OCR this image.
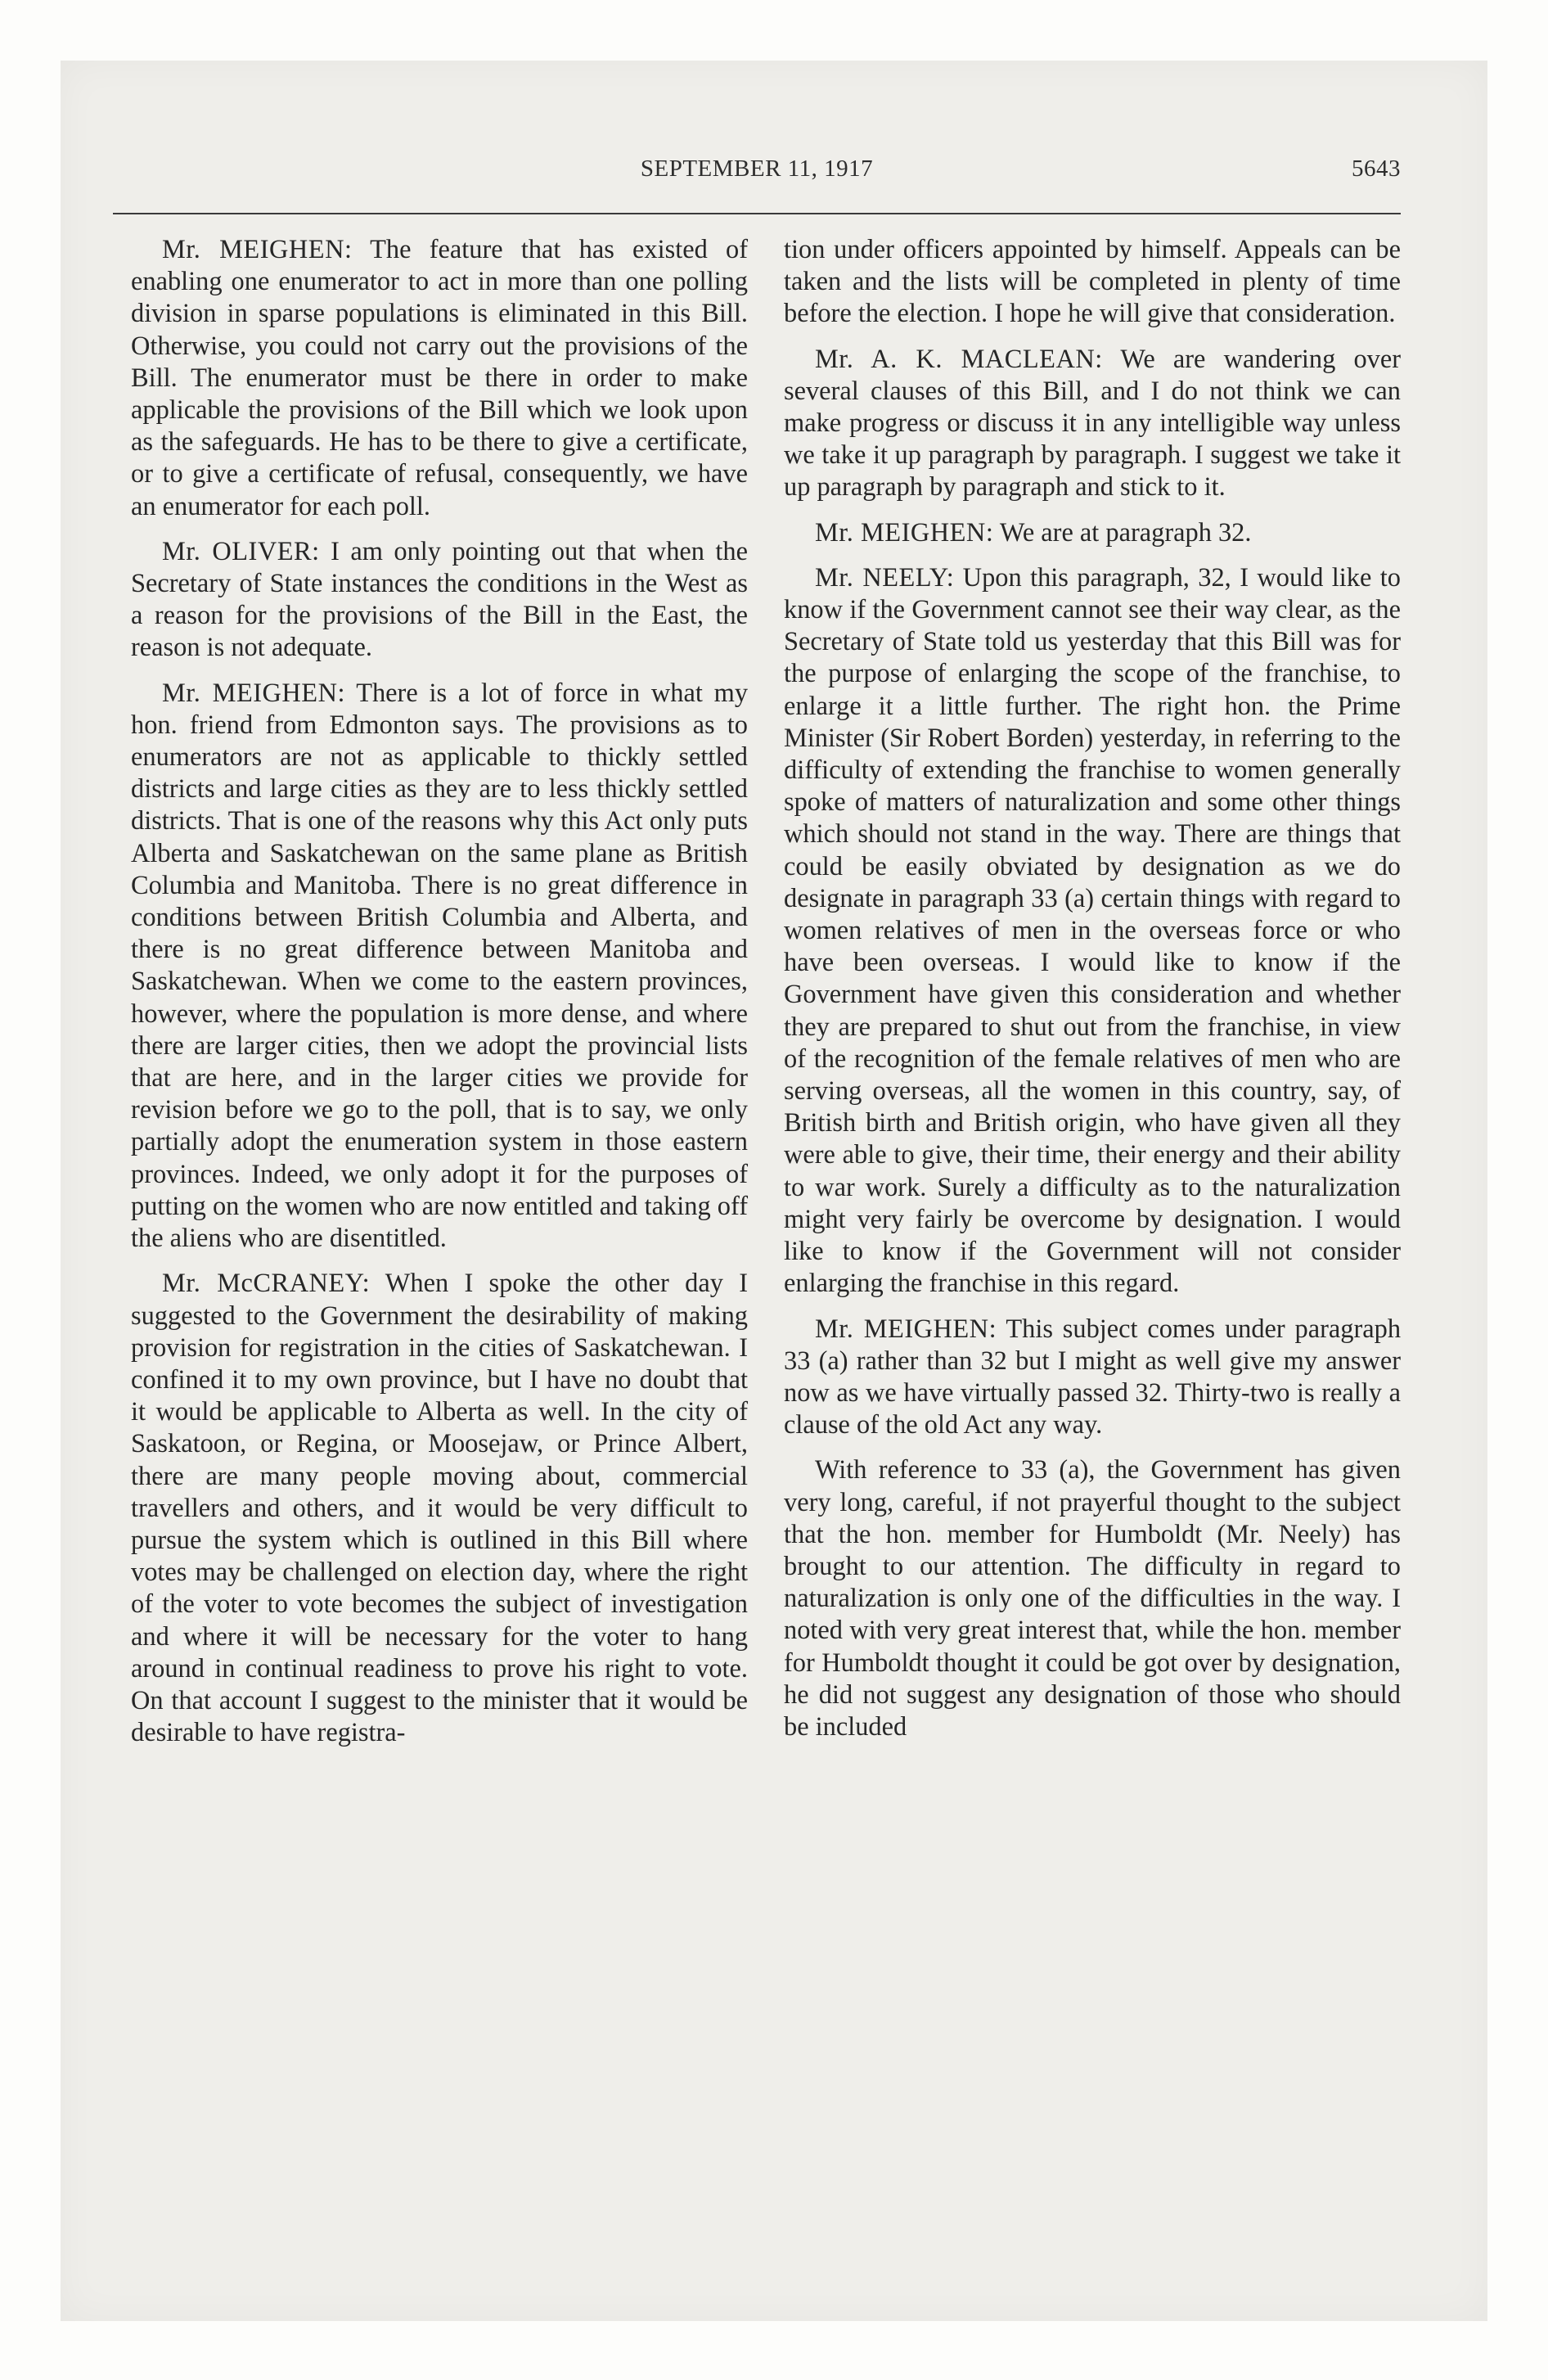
SEPTEMBER 11, 1917	5643

Mr. MEIGHEN: The feature that has existed of enabling one enumerator to act in more than one polling division in sparse populations is eliminated in this Bill. Otherwise, you could not carry out the provisions of the Bill. The enumerator must be there in order to make applicable the provisions of the Bill which we look upon as the safeguards. He has to be there to give a certificate, or to give a certificate of refusal, consequently, we have an enumerator for each poll.

Mr. OLIVER: I am only pointing out that when the Secretary of State instances the conditions in the West as a reason for the provisions of the Bill in the East, the reason is not adequate.

Mr. MEIGHEN: There is a lot of force in what my hon. friend from Edmonton says. The provisions as to enumerators are not as applicable to thickly settled districts and large cities as they are to less thickly settled districts. That is one of the reasons why this Act only puts Alberta and Saskatchewan on the same plane as British Columbia and Manitoba. There is no great difference in conditions between British Columbia and Alberta, and there is no great difference between Manitoba and Saskatchewan. When we come to the eastern provinces, however, where the population is more dense, and where there are larger cities, then we adopt the provincial lists that are here, and in the larger cities we provide for revision before we go to the poll, that is to say, we only partially adopt the enumeration system in those eastern provinces. Indeed, we only adopt it for the purposes of putting on the women who are now entitled and taking off the aliens who are disentitled.

Mr. McCRANEY: When I spoke the other day I suggested to the Government the desirability of making provision for registration in the cities of Saskatchewan. I confined it to my own province, but I have no doubt that it would be applicable to Alberta as well. In the city of Saskatoon, or Regina, or Moosejaw, or Prince Albert, there are many people moving about, commercial travellers and others, and it would be very difficult to pursue the system which is outlined in this Bill where votes may be challenged on election day, where the right of the voter to vote becomes the subject of investigation and where it will be necessary for the voter to hang around in continual readiness to prove his right to vote. On that account I suggest to the minister that it would be desirable to have registra-

tion under officers appointed by himself. Appeals can be taken and the lists will be completed in plenty of time before the election. I hope he will give that consideration.

Mr. A. K. MACLEAN: We are wandering over several clauses of this Bill, and I do not think we can make progress or discuss it in any intelligible way unless we take it up paragraph by paragraph. I suggest we take it up paragraph by paragraph and stick to it.

Mr. MEIGHEN: We are at paragraph 32.

Mr. NEELY: Upon this paragraph, 32, I would like to know if the Government cannot see their way clear, as the Secretary of State told us yesterday that this Bill was for the purpose of enlarging the scope of the franchise, to enlarge it a little further. The right hon. the Prime Minister (Sir Robert Borden) yesterday, in referring to the difficulty of extending the franchise to women generally spoke of matters of naturalization and some other things which should not stand in the way. There are things that could be easily obviated by designation as we do designate in paragraph 33 (a) certain things with regard to women relatives of men in the overseas force or who have been overseas. I would like to know if the Government have given this consideration and whether they are prepared to shut out from the franchise, in view of the recognition of the female relatives of men who are serving overseas, all the women in this country, say, of British birth and British origin, who have given all they were able to give, their time, their energy and their ability to war work. Surely a difficulty as to the naturalization might very fairly be overcome by designation. I would like to know if the Government will not consider enlarging the franchise in this regard.

Mr. MEIGHEN: This subject comes under paragraph 33 (a) rather than 32 but I might as well give my answer now as we have virtually passed 32. Thirty-two is really a clause of the old Act any way.

With reference to 33 (a), the Government has given very long, careful, if not prayerful thought to the subject that the hon. member for Humboldt (Mr. Neely) has brought to our attention. The difficulty in regard to naturalization is only one of the difficulties in the way. I noted with very great interest that, while the hon. member for Humboldt thought it could be got over by designation, he did not suggest any designation of those who should be included
